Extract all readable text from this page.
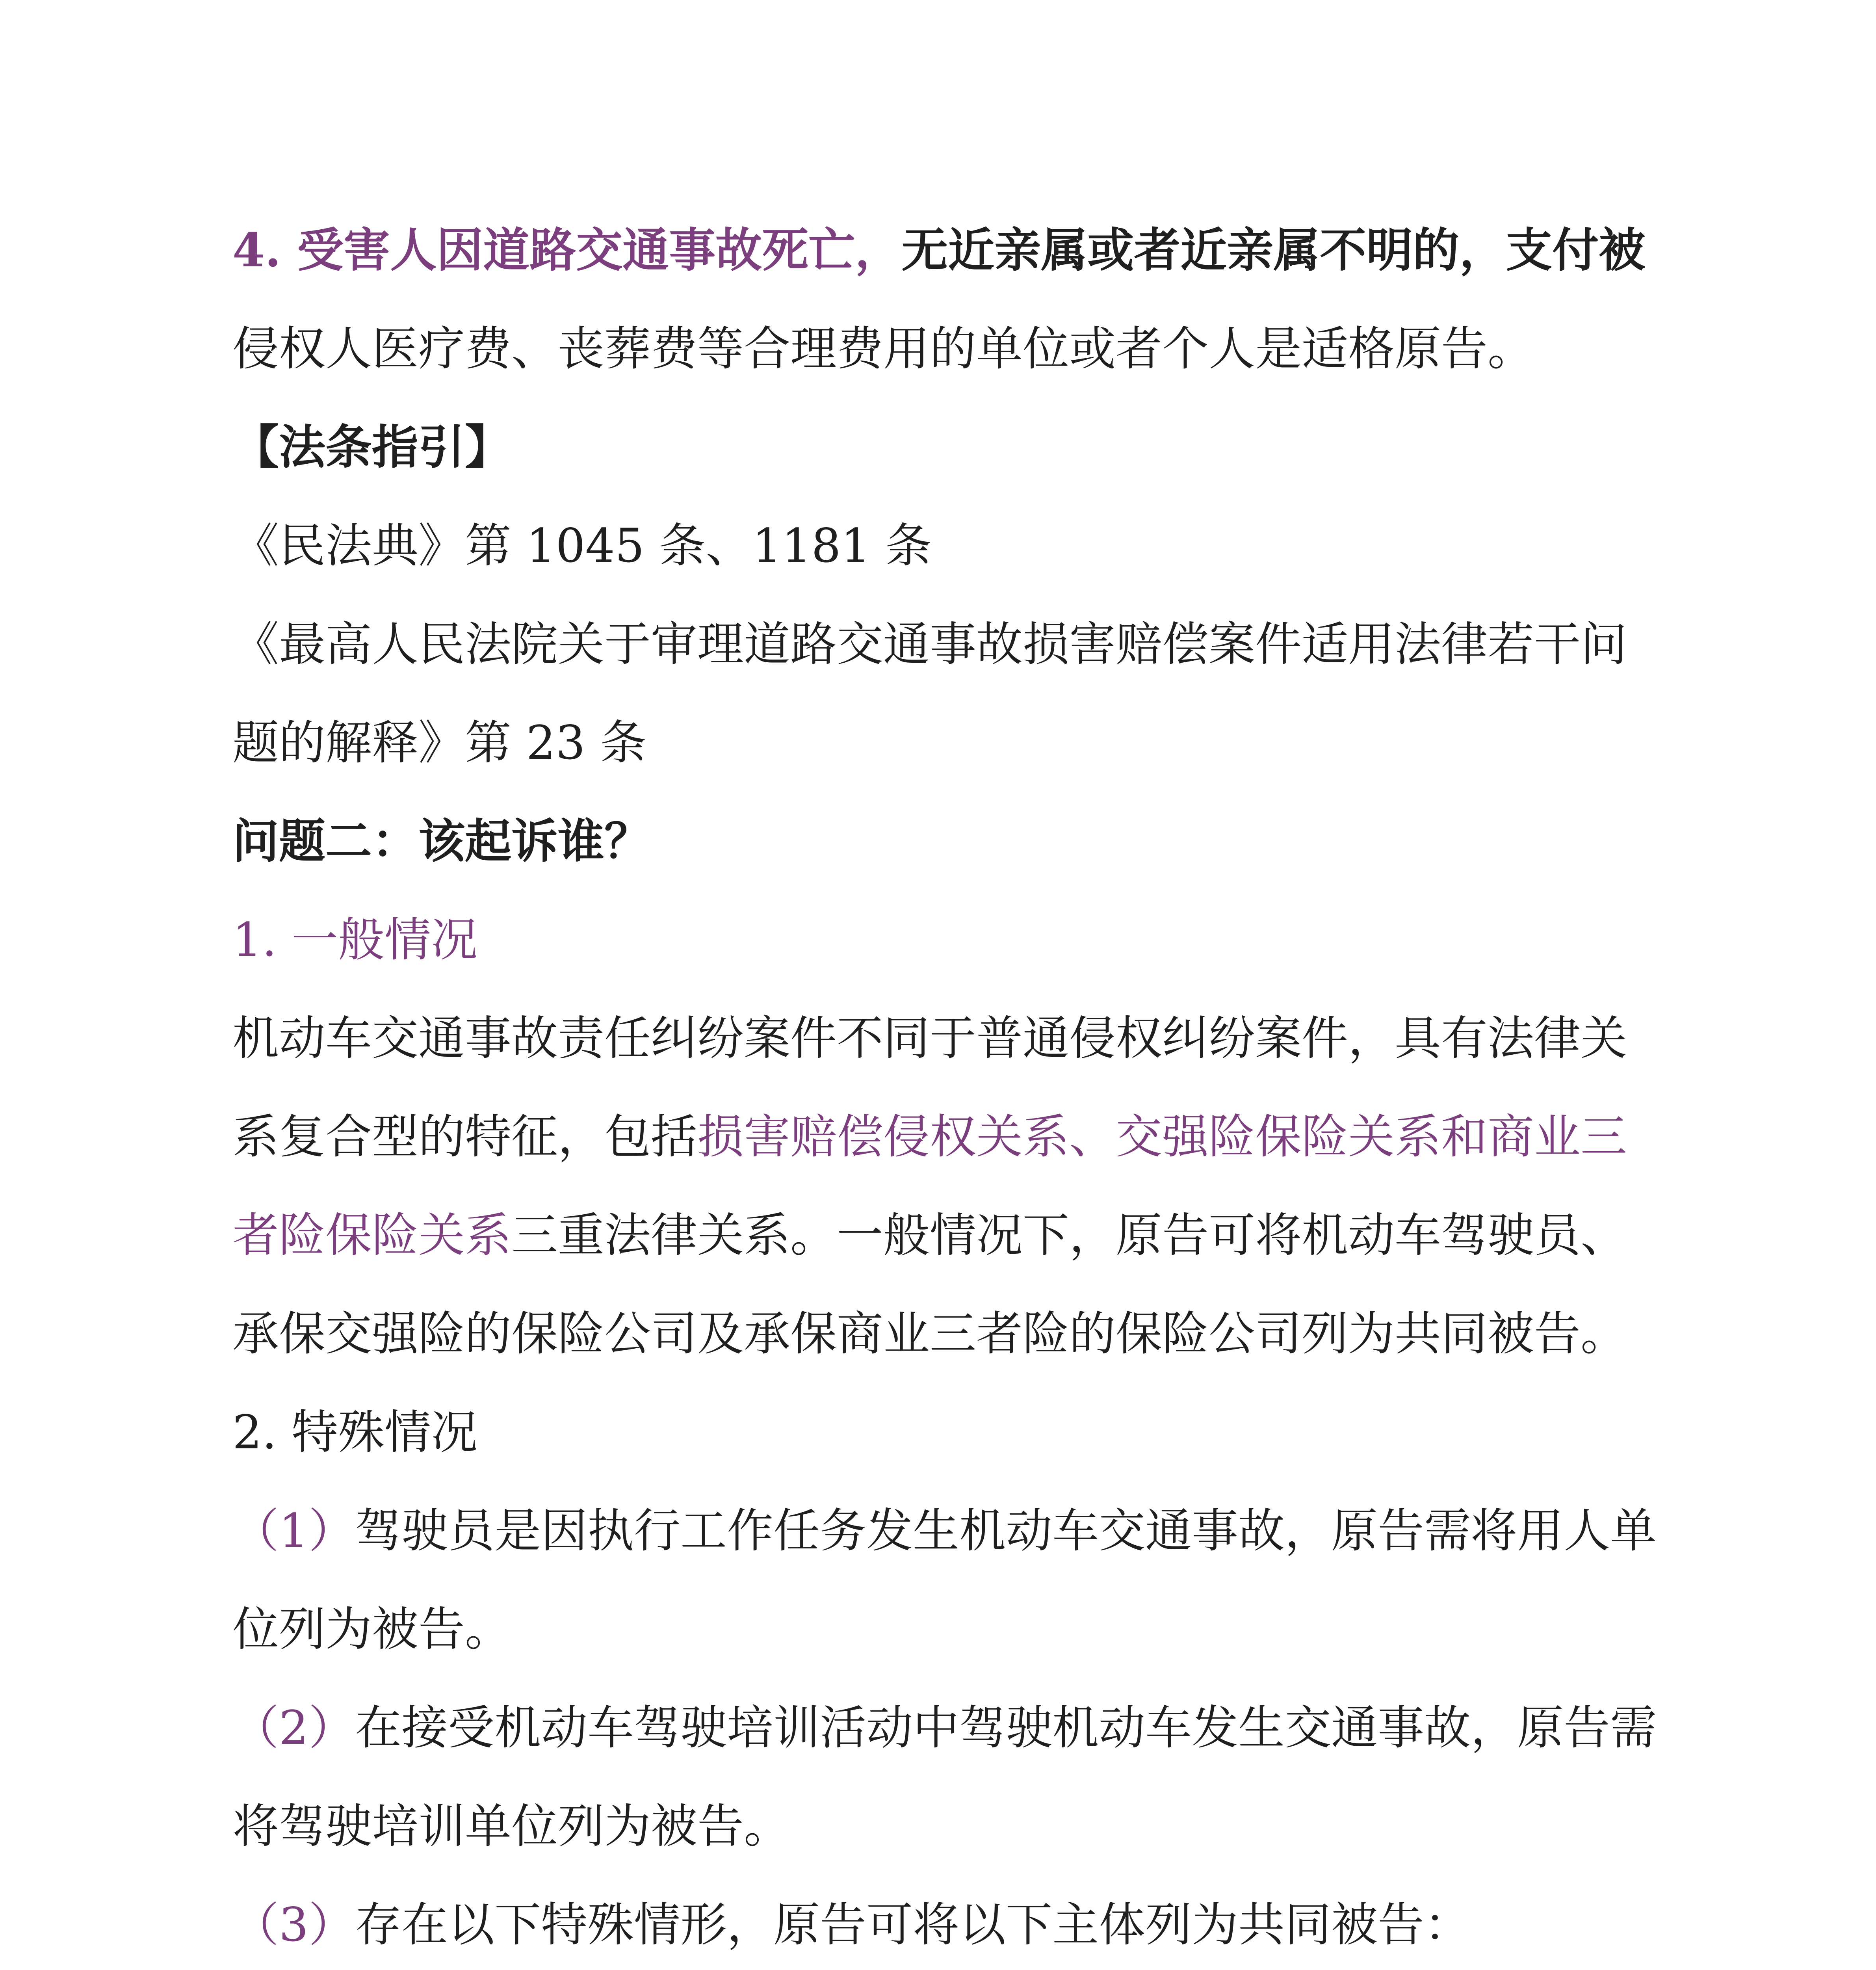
4. 受害人因道路交通事故死亡，无近亲属或者近亲属不明的，支付被
侵权人医疗费、丧葬费等合理费用的单位或者个人是适格原告。
【法条指引】
《民法典》第 1045 条、1181 条
《最高人民法院关于审理道路交通事故损害赔偿案件适用法律若干问
题的解释》第 23 条
问题二：该起诉谁？
1. 一般情况
机动车交通事故责任纠纷案件不同于普通侵权纠纷案件，具有法律关
系复合型的特征，包括损害赔偿侵权关系、交强险保险关系和商业三
者险保险关系三重法律关系。一般情况下，原告可将机动车驾驶员、
承保交强险的保险公司及承保商业三者险的保险公司列为共同被告。
2. 特殊情况
（1）驾驶员是因执行工作任务发生机动车交通事故，原告需将用人单
位列为被告。
（2）在接受机动车驾驶培训活动中驾驶机动车发生交通事故，原告需
将驾驶培训单位列为被告。
（3）存在以下特殊情形，原告可将以下主体列为共同被告：
